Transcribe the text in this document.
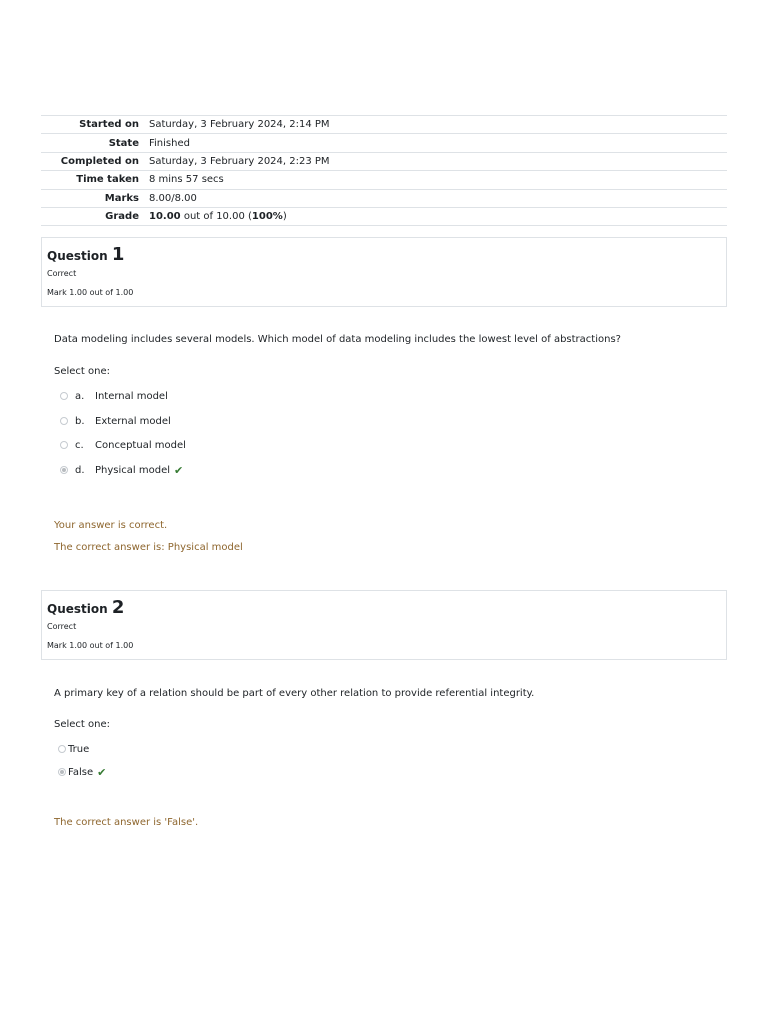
Started on	Saturday, 3 February 2024, 2:14 PM
State	Finished
Completed on	Saturday, 3 February 2024, 2:23 PM
Time taken	8 mins 57 secs
Marks	8.00/8.00
Grade	10.00 out of 10.00 (100%)
Question 1
Correct
Mark 1.00 out of 1.00
Data modeling includes several models. Which model of data modeling includes the lowest level of abstractions?
Select one:
a.	Internal model
b.	External model
c.	Conceptual model
d.	Physical model ✔
Your answer is correct.
The correct answer is: Physical model
Question 2
Correct
Mark 1.00 out of 1.00
A primary key of a relation should be part of every other relation to provide referential integrity.
Select one:
True
False ✔
The correct answer is 'False'.
